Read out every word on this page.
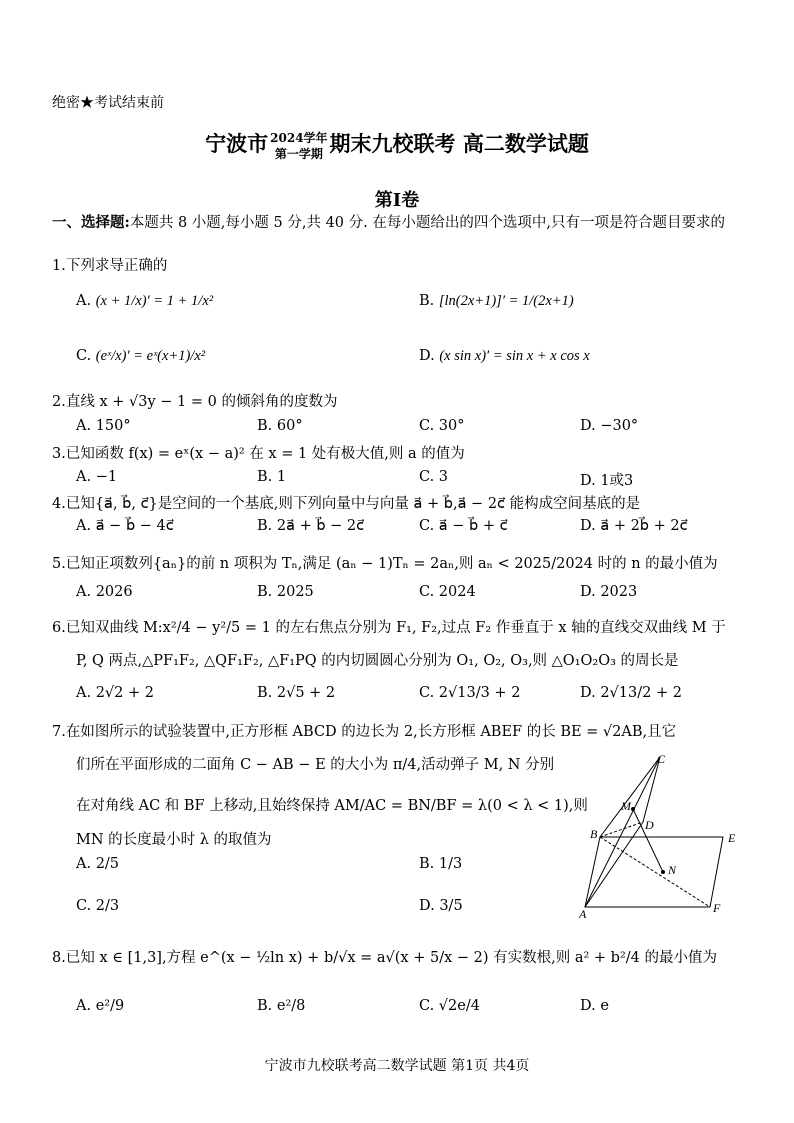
绝密★考试结束前
宁波市 2024学年
第一学期 期末九校联考 高二数学试题
第Ⅰ卷
一、选择题:本题共 8 小题,每小题 5 分,共 40 分. 在每小题给出的四个选项中,只有一项是符合题目要求的
1.下列求导正确的
A. (x + 1/x)′ = 1 + 1/x²	B. [ln(2x+1)]′ = 1/(2x+1)
C. (eˣ/x)′ = eˣ(x+1)/x²	D. (x sin x)′ = sin x + x cos x
2.直线 x + √3y − 1 = 0 的倾斜角的度数为
A. 150°	B. 60°	C. 30°	D. −30°
3.已知函数 f(x) = eˣ(x − a)² 在 x = 1 处有极大值,则 a 的值为
A. −1	B. 1	C. 3	D. 1或3
4.已知{a⃗, b⃗, c⃗}是空间的一个基底,则下列向量中与向量 a⃗ + b⃗,a⃗ − 2c⃗ 能构成空间基底的是
A. a⃗ − b⃗ − 4c⃗	B. 2a⃗ + b⃗ − 2c⃗	C. a⃗ − b⃗ + c⃗	D. a⃗ + 2b⃗ + 2c⃗
5.已知正项数列{aₙ}的前 n 项积为 Tₙ,满足 (aₙ − 1)Tₙ = 2aₙ,则 aₙ < 2025/2024 时的 n 的最小值为
A. 2026	B. 2025	C. 2024	D. 2023
6.已知双曲线 M:x²/4 − y²/5 = 1 的左右焦点分别为 F₁, F₂,过点 F₂ 作垂直于 x 轴的直线交双曲线 M 于
P, Q 两点,△PF₁F₂, △QF₁F₂, △F₁PQ 的内切圆圆心分别为 O₁, O₂, O₃,则 △O₁O₂O₃ 的周长是
A. 2√2 + 2	B. 2√5 + 2	C. 2√13/3 + 2	D. 2√13/2 + 2
7.在如图所示的试验装置中,正方形框 ABCD 的边长为 2,长方形框 ABEF 的长 BE = √2AB,且它
们所在平面形成的二面角 C − AB − E 的大小为 π/4,活动弹子 M, N 分别
在对角线 AC 和 BF 上移动,且始终保持 AM/AC = BN/BF = λ(0 < λ < 1),则
MN 的长度最小时 λ 的取值为
A. 2/5	B. 1/3
C. 2/3	D. 3/5
C
M
D
B	E
N
A	F
8.已知 x ∈ [1,3],方程 e^(x − ½ln x) + b/√x = a√(x + 5/x − 2) 有实数根,则 a² + b²/4 的最小值为
A. e²/9	B. e²/8	C. √2e/4	D. e
宁波市九校联考高二数学试题 第1页 共4页
